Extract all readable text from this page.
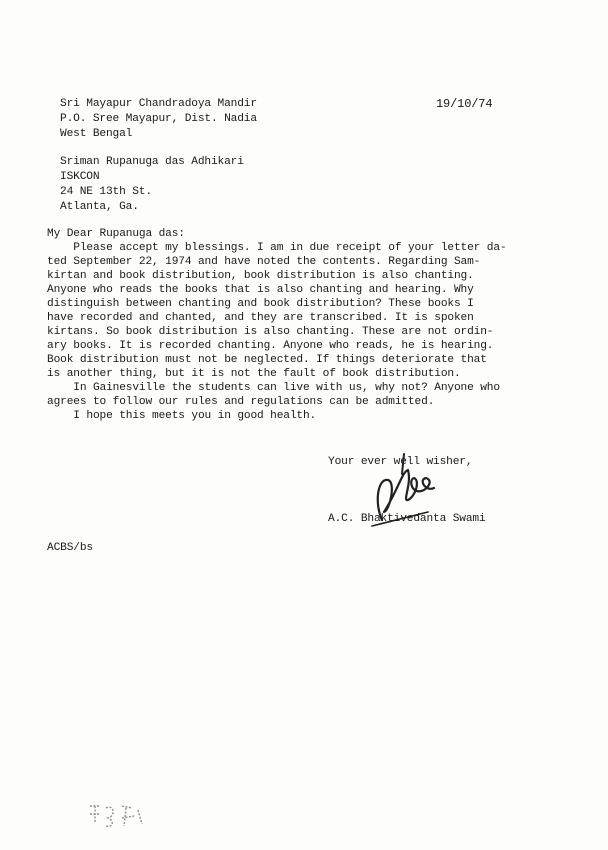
19/10/74
Sri Mayapur Chandradoya Mandir
P.O. Sree Mayapur, Dist. Nadia
West Bengal
Sriman Rupanuga das Adhikari
ISKCON
24 NE 13th St.
Atlanta, Ga.
My Dear Rupanuga das:
Please accept my blessings. I am in due receipt of your letter da-
ted September 22, 1974 and have noted the contents. Regarding Sam-
kirtan and book distribution, book distribution is also chanting.
Anyone who reads the books that is also chanting and hearing. Why
distinguish between chanting and book distribution? These books I
have recorded and chanted, and they are transcribed. It is spoken
kirtans. So book distribution is also chanting. These are not ordin-
ary books. It is recorded chanting. Anyone who reads, he is hearing.
Book distribution must not be neglected. If things deteriorate that
is another thing, but it is not the fault of book distribution.
In Gainesville the students can live with us, why not? Anyone who
agrees to follow our rules and regulations can be admitted.
I hope this meets you in good health.
Your ever well wisher,
A.C. Bhaktivedanta Swami
ACBS/bs
